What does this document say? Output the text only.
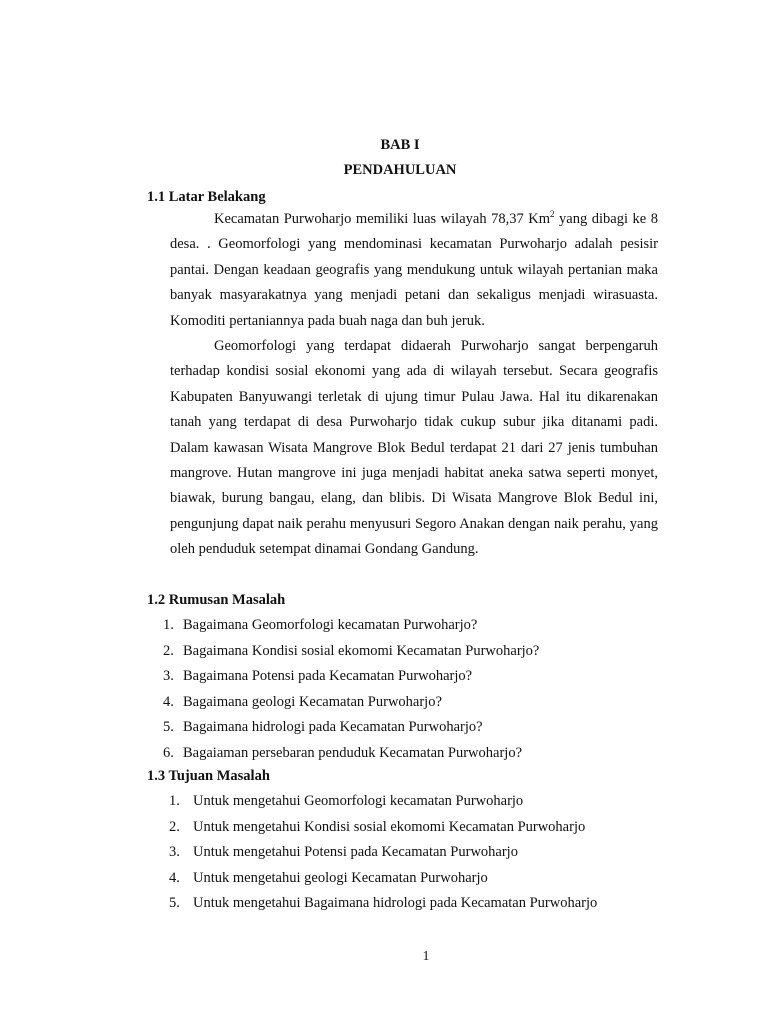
BAB I
PENDAHULUAN
1.1 Latar Belakang

Kecamatan Purwoharjo memiliki luas wilayah 78,37 Km$^2$ yang dibagi ke 8 desa. . Geomorfologi yang mendominasi kecamatan Purwoharjo adalah pesisir pantai. Dengan keadaan geografis yang mendukung untuk wilayah pertanian maka banyak masyarakatnya yang menjadi petani dan sekaligus menjadi wirasuasta. Komoditi pertaniannya pada buah naga dan buh jeruk.

Geomorfologi yang terdapat didaerah Purwoharjo sangat berpengaruh terhadap kondisi sosial ekonomi yang ada di wilayah tersebut. Secara geografis Kabupaten Banyuwangi terletak di ujung timur Pulau Jawa. Hal itu dikarenakan tanah yang terdapat di desa Purwoharjo tidak cukup subur jika ditanami padi. Dalam kawasan Wisata Mangrove Blok Bedul terdapat 21 dari 27 jenis tumbuhan mangrove. Hutan mangrove ini juga menjadi habitat aneka satwa seperti monyet, biawak, burung bangau, elang, dan blibis. Di Wisata Mangrove Blok Bedul ini, pengunjung dapat naik perahu menyusuri Segoro Anakan dengan naik perahu, yang oleh penduduk setempat dinamai Gondang Gandung.

1.2 Rumusan Masalah
1. Bagaimana Geomorfologi kecamatan Purwoharjo?
2. Bagaimana Kondisi sosial ekomomi Kecamatan Purwoharjo?
3. Bagaimana Potensi pada Kecamatan Purwoharjo?
4. Bagaimana geologi Kecamatan Purwoharjo?
5. Bagaimana hidrologi pada Kecamatan Purwoharjo?
6. Bagaiaman persebaran penduduk Kecamatan Purwoharjo?
1.3 Tujuan Masalah
1. Untuk mengetahui Geomorfologi kecamatan Purwoharjo
2. Untuk mengetahui Kondisi sosial ekomomi Kecamatan Purwoharjo
3. Untuk mengetahui Potensi pada Kecamatan Purwoharjo
4. Untuk mengetahui geologi Kecamatan Purwoharjo
5. Untuk mengetahui Bagaimana hidrologi pada Kecamatan Purwoharjo
1
